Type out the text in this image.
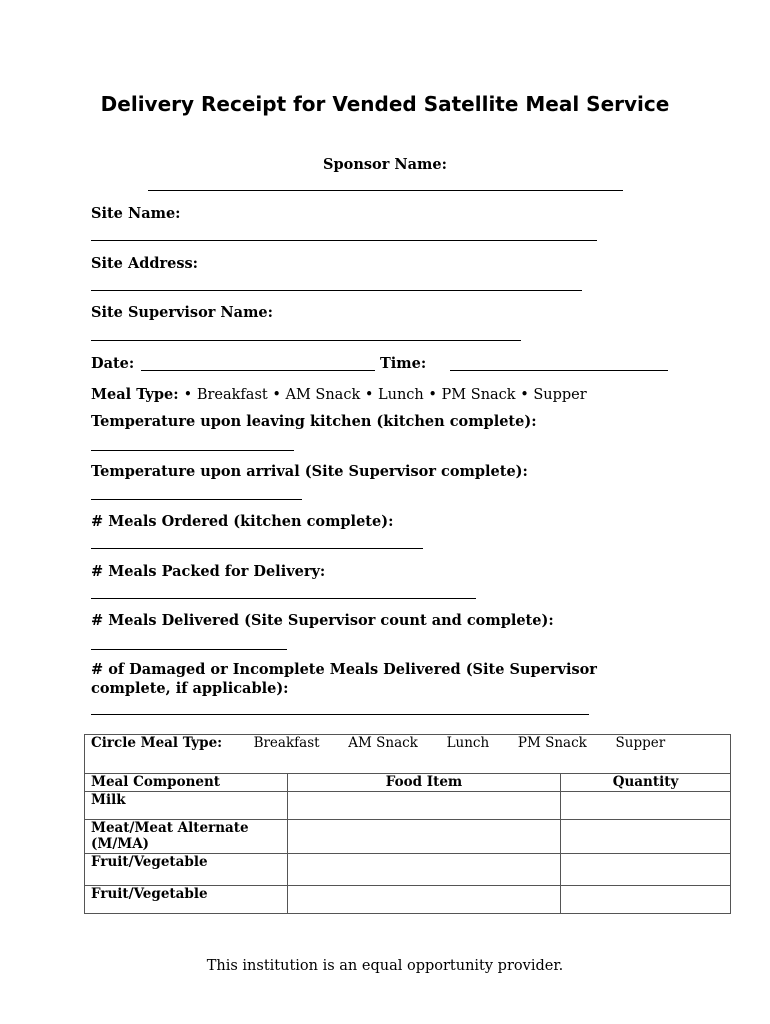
Delivery Receipt for Vended Satellite Meal Service
Sponsor Name:
Site Name:
Site Address:
Site Supervisor Name:
Date:	Time:
Meal Type: • Breakfast • AM Snack • Lunch • PM Snack • Supper
Temperature upon leaving kitchen (kitchen complete):
Temperature upon arrival (Site Supervisor complete):
# Meals Ordered (kitchen complete):
# Meals Packed for Delivery:
# Meals Delivered (Site Supervisor count and complete):
# of Damaged or Incomplete Meals Delivered (Site Supervisor
complete, if applicable):
Circle Meal Type: Breakfast AM Snack Lunch PM Snack Supper		
Meal Component	Food Item	Quantity
Milk		
Meat/Meat Alternate (M/MA)		
Fruit/Vegetable		
Fruit/Vegetable		
This institution is an equal opportunity provider.
